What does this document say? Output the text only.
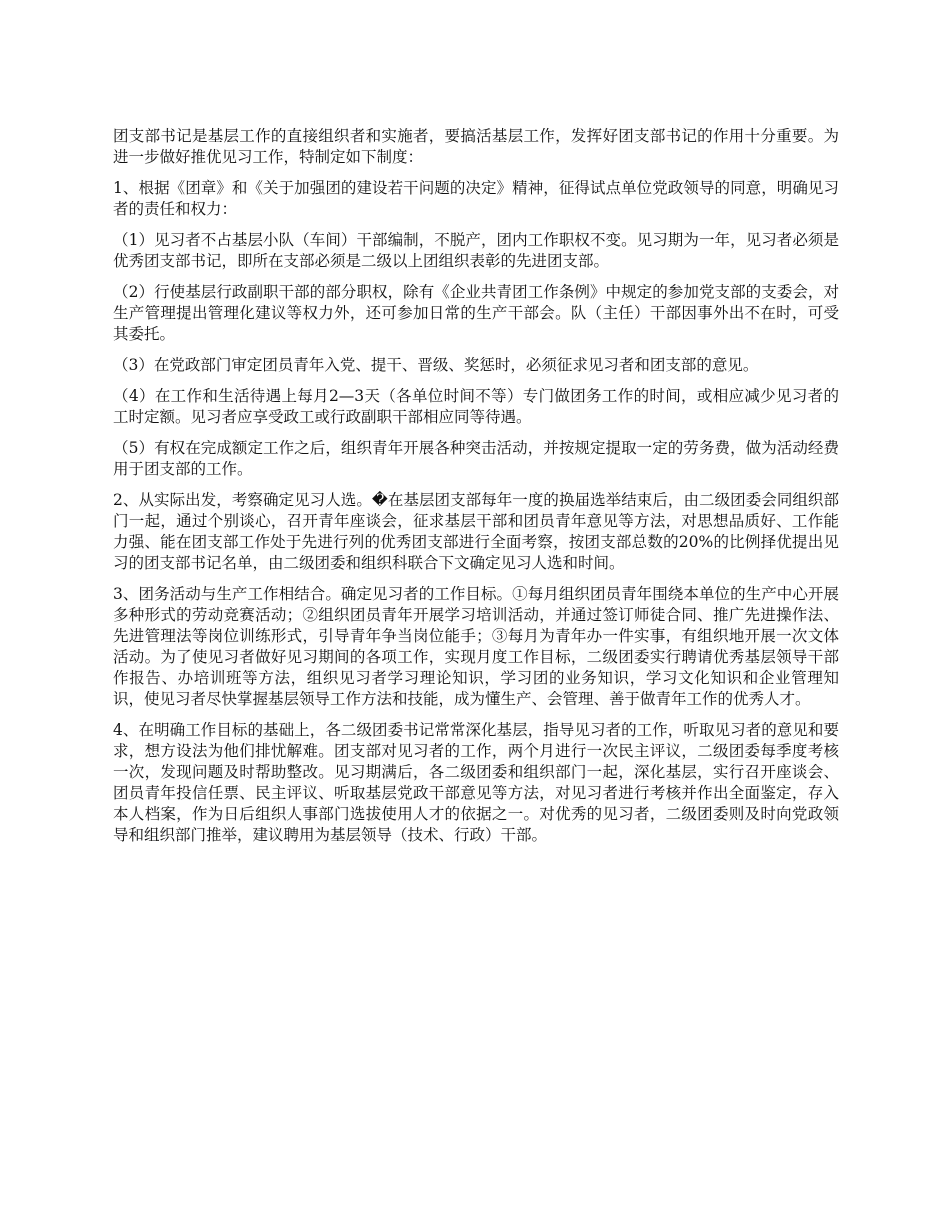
团支部书记是基层工作的直接组织者和实施者，要搞活基层工作，发挥好团支部书记的作用十分重要。为进一步做好推优见习工作，特制定如下制度：

1、根据《团章》和《关于加强团的建设若干问题的决定》精神，征得试点单位党政领导的同意，明确见习者的责任和权力：

（1）见习者不占基层小队（车间）干部编制，不脱产，团内工作职权不变。见习期为一年，见习者必须是优秀团支部书记，即所在支部必须是二级以上团组织表彰的先进团支部。

（2）行使基层行政副职干部的部分职权，除有《企业共青团工作条例》中规定的参加党支部的支委会，对生产管理提出管理化建议等权力外，还可参加日常的生产干部会。队（主任）干部因事外出不在时，可受其委托。

（3）在党政部门审定团员青年入党、提干、晋级、奖惩时，必须征求见习者和团支部的意见。

（4）在工作和生活待遇上每月2—3天（各单位时间不等）专门做团务工作的时间，或相应减少见习者的工时定额。见习者应享受政工或行政副职干部相应同等待遇。

（5）有权在完成额定工作之后，组织青年开展各种突击活动，并按规定提取一定的劳务费，做为活动经费用于团支部的工作。

2、从实际出发，考察确定见习人选。�在基层团支部每年一度的换届选举结束后，由二级团委会同组织部门一起，通过个别谈心，召开青年座谈会，征求基层干部和团员青年意见等方法，对思想品质好、工作能力强、能在团支部工作处于先进行列的优秀团支部进行全面考察，按团支部总数的20%的比例择优提出见习的团支部书记名单，由二级团委和组织科联合下文确定见习人选和时间。

3、团务活动与生产工作相结合。确定见习者的工作目标。①每月组织团员青年围绕本单位的生产中心开展多种形式的劳动竞赛活动；②组织团员青年开展学习培训活动，并通过签订师徒合同、推广先进操作法、先进管理法等岗位训练形式，引导青年争当岗位能手；③每月为青年办一件实事，有组织地开展一次文体活动。为了使见习者做好见习期间的各项工作，实现月度工作目标，二级团委实行聘请优秀基层领导干部作报告、办培训班等方法，组织见习者学习理论知识，学习团的业务知识，学习文化知识和企业管理知识，使见习者尽快掌握基层领导工作方法和技能，成为懂生产、会管理、善于做青年工作的优秀人才。

4、在明确工作目标的基础上，各二级团委书记常常深化基层，指导见习者的工作，听取见习者的意见和要求，想方设法为他们排忧解难。团支部对见习者的工作，两个月进行一次民主评议，二级团委每季度考核一次，发现问题及时帮助整改。见习期满后，各二级团委和组织部门一起，深化基层，实行召开座谈会、团员青年投信任票、民主评议、听取基层党政干部意见等方法，对见习者进行考核并作出全面鉴定，存入本人档案，作为日后组织人事部门选拔使用人才的依据之一。对优秀的见习者，二级团委则及时向党政领导和组织部门推举，建议聘用为基层领导（技术、行政）干部。
